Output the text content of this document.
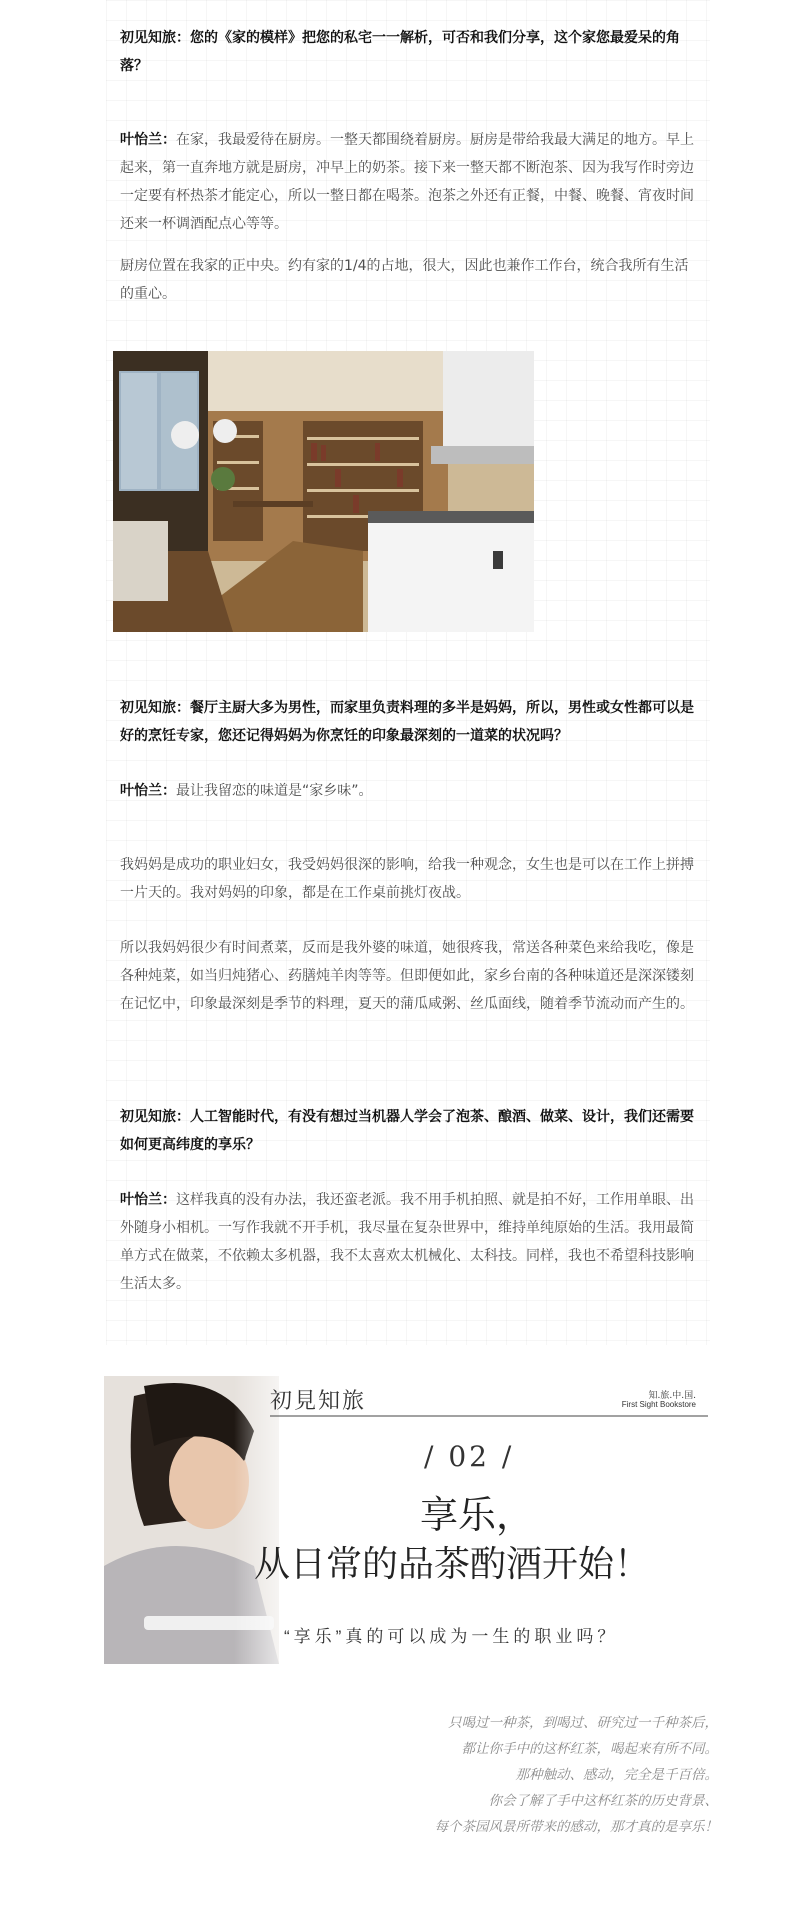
初见知旅：您的《家的模样》把您的私宅一一解析，可否和我们分享，这个家您最爱呆的角落？

叶怡兰：在家，我最爱待在厨房。一整天都围绕着厨房。厨房是带给我最大满足的地方。早上起来，第一直奔地方就是厨房，冲早上的奶茶。接下来一整天都不断泡茶、因为我写作时旁边一定要有杯热茶才能定心，所以一整日都在喝茶。泡茶之外还有正餐，中餐、晚餐、宵夜时间还来一杯调酒配点心等等。

厨房位置在我家的正中央。约有家的1/4的占地，很大，因此也兼作工作台，统合我所有生活的重心。

初见知旅：餐厅主厨大多为男性，而家里负责料理的多半是妈妈，所以，男性或女性都可以是好的烹饪专家，您还记得妈妈为你烹饪的印象最深刻的一道菜的状况吗？

叶怡兰：最让我留恋的味道是“家乡味”。

我妈妈是成功的职业妇女，我受妈妈很深的影响，给我一种观念，女生也是可以在工作上拼搏一片天的。我对妈妈的印象，都是在工作桌前挑灯夜战。

所以我妈妈很少有时间煮菜，反而是我外婆的味道，她很疼我，常送各种菜色来给我吃，像是各种炖菜，如当归炖猪心、药膳炖羊肉等等。但即便如此，家乡台南的各种味道还是深深镂刻在记忆中，印象最深刻是季节的料理，夏天的蒲瓜咸粥、丝瓜面线，随着季节流动而产生的。

初见知旅：人工智能时代，有没有想过当机器人学会了泡茶、酿酒、做菜、设计，我们还需要如何更高纬度的享乐？

叶怡兰：这样我真的没有办法，我还蛮老派。我不用手机拍照、就是拍不好，工作用单眼、出外随身小相机。一写作我就不开手机，我尽量在复杂世界中，维持单纯原始的生活。我用最简单方式在做菜，不依赖太多机器，我不太喜欢太机械化、太科技。同样，我也不希望科技影响生活太多。

初見知旅	知.旅.中.国.
First Sight Bookstore
/ 02 /
享乐，
从日常的品茶酌酒开始！
“享乐”真的可以成为一生的职业吗？
只喝过一种茶，到喝过、研究过一千种茶后，
都让你手中的这杯红茶，喝起来有所不同。
那种触动、感动，完全是千百倍。
你会了解了手中这杯红茶的历史背景、
每个茶园风景所带来的感动，那才真的是享乐！
